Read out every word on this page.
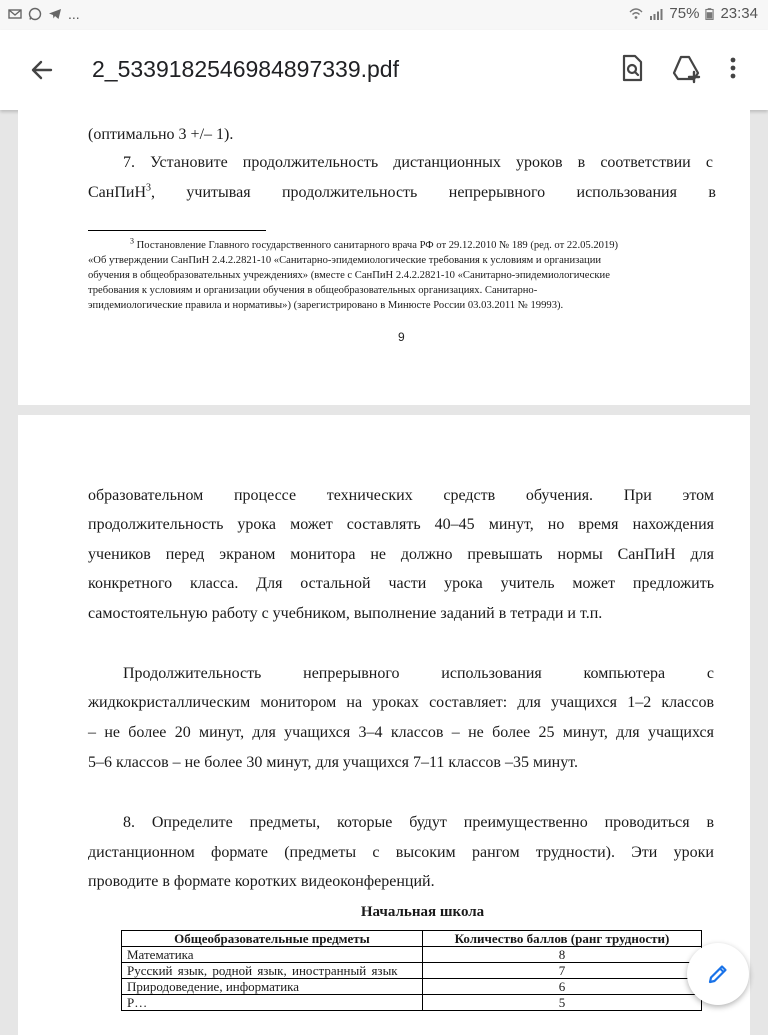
...	75% 23:34
2_5339182546984897339.pdf
(оптимально 3 +/– 1).
7. Установите продолжительность дистанционных уроков в соответствии с
СанПиН$^3$, учитывая продолжительность непрерывного использования в
$^3$ Постановление Главного государственного санитарного врача РФ от 29.12.2010 № 189 (ред. от 22.05.2019)
«Об утверждении СанПиН 2.4.2.2821-10 «Санитарно-эпидемиологические требования к условиям и организации
обучения в общеобразовательных учреждениях» (вместе с СанПиН 2.4.2.2821-10 «Санитарно-эпидемиологические
требования к условиям и организации обучения в общеобразовательных организациях. Санитарно-
эпидемиологические правила и нормативы») (зарегистрировано в Минюсте России 03.03.2011 № 19993).
9
образовательном процессе технических средств обучения. При этом
продолжительность урока может составлять 40–45 минут, но время нахождения
учеников перед экраном монитора не должно превышать нормы СанПиН для
конкретного класса. Для остальной части урока учитель может предложить
самостоятельную работу с учебником, выполнение заданий в тетради и т.п.
Продолжительность непрерывного использования компьютера с
жидкокристаллическим монитором на уроках составляет: для учащихся 1–2 классов
– не более 20 минут, для учащихся 3–4 классов – не более 25 минут, для учащихся
5–6 классов – не более 30 минут, для учащихся 7–11 классов –35 минут.
8. Определите предметы, которые будут преимущественно проводиться в
дистанционном формате (предметы с высоким рангом трудности). Эти уроки
проводите в формате коротких видеоконференций.
Начальная школа
Общеобразовательные предметы	Количество баллов (ранг трудности)
Математика	8
Русский язык, родной язык, иностранный язык	7
Природоведение, информатика	6
Р…	5
